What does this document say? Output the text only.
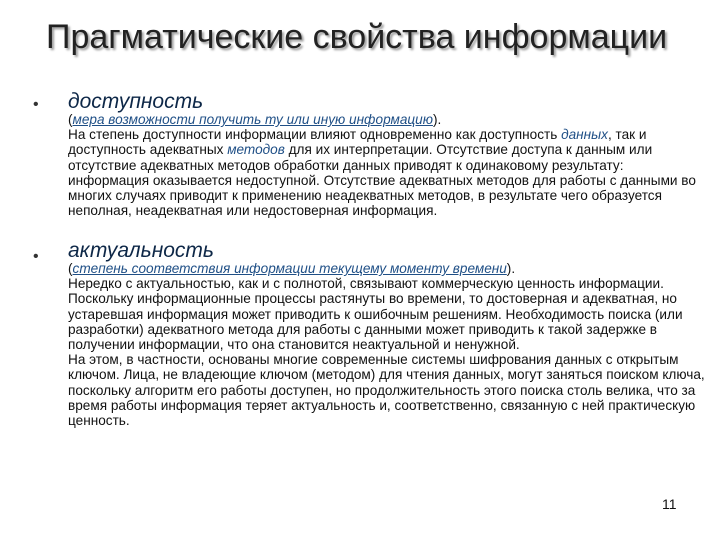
Прагматические свойства информации
• доступность

(мера возможности получить ту или иную информацию).

На степень доступности информации влияют одновременно как доступность данных, так и доступность адекватных методов для их интерпретации. Отсутствие доступа к данным или отсутствие адекватных методов обработки данных приводят к одинаковому результату: информация оказывается недоступной. Отсутствие адекватных методов для работы с данными во многих случаях приводит к применению неадекватных методов, в результате чего образуется неполная, неадекватная или недостоверная информация.

• актуальность

(степень соответствия информации текущему моменту времени).

Нередко с актуальностью, как и с полнотой, связывают коммерческую ценность информации.

Поскольку информационные процессы растянуты во времени, то достоверная и адекватная, но устаревшая информация может приводить к ошибочным решениям. Необходимость поиска (или разработки) адекватного метода для работы с данными может приводить к такой задержке в получении информации, что она становится неактуальной и ненужной.

На этом, в частности, основаны многие современные системы шифрования данных с открытым ключом. Лица, не владеющие ключом (методом) для чтения данных, могут заняться поиском ключа, поскольку алгоритм его работы доступен, но продолжительность этого поиска столь велика, что за время работы информация теряет актуальность и, соответственно, связанную с ней практическую ценность.

11
